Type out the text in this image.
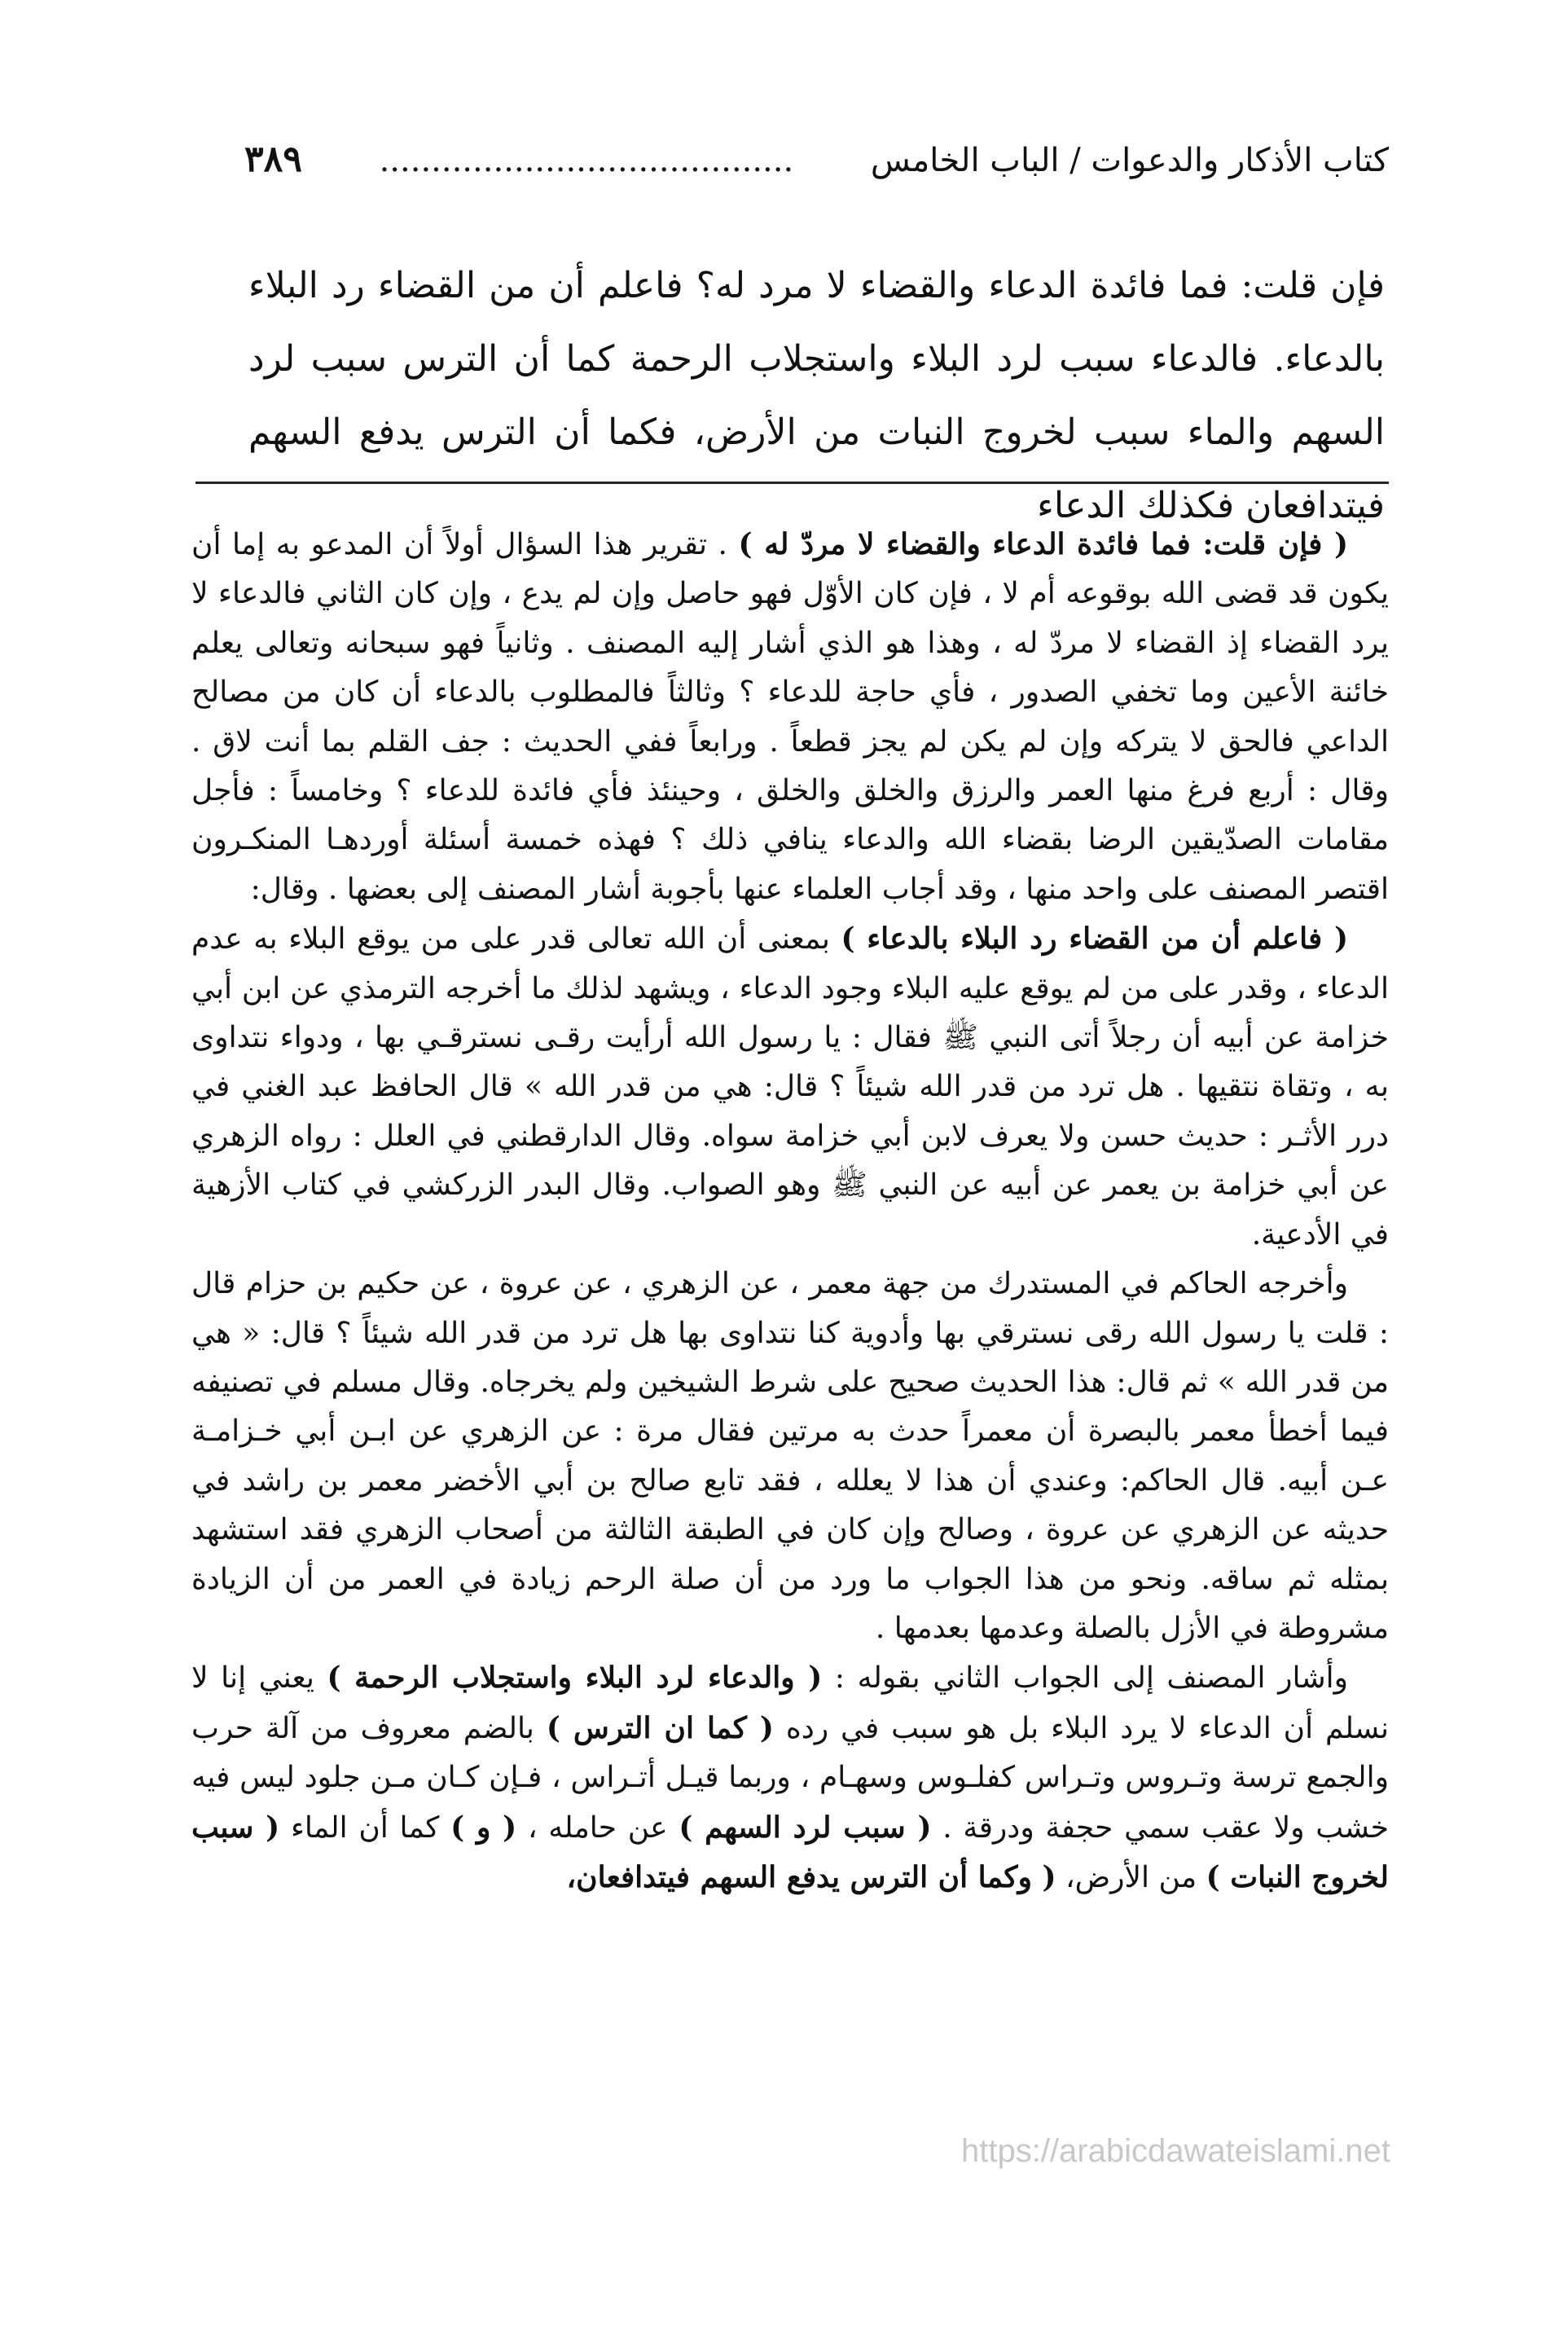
كتاب الأذكار والدعوات / الباب الخامس
........................................
٣٨٩
فإن قلت: فما فائدة الدعاء والقضاء لا مرد له؟ فاعلم أن من القضاء رد البلاء بالدعاء. فالدعاء سبب لرد البلاء واستجلاب الرحمة كما أن الترس سبب لرد السهم والماء سبب لخروج النبات من الأرض، فكما أن الترس يدفع السهم فيتدافعان فكذلك الدعاء

( فإن قلت: فما فائدة الدعاء والقضاء لا مردّ له ) . تقرير هذا السؤال أولاً أن المدعو به إما أن يكون قد قضى الله بوقوعه أم لا ، فإن كان الأوّل فهو حاصل وإن لم يدع ، وإن كان الثاني فالدعاء لا يرد القضاء إذ القضاء لا مردّ له ، وهذا هو الذي أشار إليه المصنف . وثانياً فهو سبحانه وتعالى يعلم خائنة الأعين وما تخفي الصدور ، فأي حاجة للدعاء ؟ وثالثاً فالمطلوب بالدعاء أن كان من مصالح الداعي فالحق لا يتركه وإن لم يكن لم يجز قطعاً . ورابعاً ففي الحديث : جف القلم بما أنت لاق . وقال : أربع فرغ منها العمر والرزق والخلق والخلق ، وحينئذ فأي فائدة للدعاء ؟ وخامساً : فأجل مقامات الصدّيقين الرضا بقضاء الله والدعاء ينافي ذلك ؟ فهذه خمسة أسئلة أوردهـا المنكـرون اقتصر المصنف على واحد منها ، وقد أجاب العلماء عنها بأجوبة أشار المصنف إلى بعضها . وقال:

( فاعلم أن من القضاء رد البلاء بالدعاء ) بمعنى أن الله تعالى قدر على من يوقع البلاء به عدم الدعاء ، وقدر على من لم يوقع عليه البلاء وجود الدعاء ، ويشهد لذلك ما أخرجه الترمذي عن ابن أبي خزامة عن أبيه أن رجلاً أتى النبي ﷺ فقال : يا رسول الله أرأيت رقـى نسترقـي بها ، ودواء نتداوى به ، وتقاة نتقيها . هل ترد من قدر الله شيئاً ؟ قال: هي من قدر الله » قال الحافظ عبد الغني في درر الأثـر : حديث حسن ولا يعرف لابن أبي خزامة سواه. وقال الدارقطني في العلل : رواه الزهري عن أبي خزامة بن يعمر عن أبيه عن النبي ﷺ وهو الصواب. وقال البدر الزركشي في كتاب الأزهية في الأدعية.

وأخرجه الحاكم في المستدرك من جهة معمر ، عن الزهري ، عن عروة ، عن حكيم بن حزام قال : قلت يا رسول الله رقى نسترقي بها وأدوية كنا نتداوى بها هل ترد من قدر الله شيئاً ؟ قال: « هي من قدر الله » ثم قال: هذا الحديث صحيح على شرط الشيخين ولم يخرجاه. وقال مسلم في تصنيفه فيما أخطأ معمر بالبصرة أن معمراً حدث به مرتين فقال مرة : عن الزهري عن ابـن أبي خـزامـة عـن أبيه. قال الحاكم: وعندي أن هذا لا يعلله ، فقد تابع صالح بن أبي الأخضر معمر بن راشد في حديثه عن الزهري عن عروة ، وصالح وإن كان في الطبقة الثالثة من أصحاب الزهري فقد استشهد بمثله ثم ساقه. ونحو من هذا الجواب ما ورد من أن صلة الرحم زيادة في العمر من أن الزيادة مشروطة في الأزل بالصلة وعدمها بعدمها .

وأشار المصنف إلى الجواب الثاني بقوله : ( والدعاء لرد البلاء واستجلاب الرحمة ) يعني إنا لا نسلم أن الدعاء لا يرد البلاء بل هو سبب في رده ( كما ان الترس ) بالضم معروف من آلة حرب والجمع ترسة وتـروس وتـراس كفلـوس وسهـام ، وربما قيـل أتـراس ، فـإن كـان مـن جلود ليس فيه خشب ولا عقب سمي حجفة ودرقة . ( سبب لرد السهم ) عن حامله ، ( و ) كما أن الماء ( سبب لخروج النبات ) من الأرض، ( وكما أن الترس يدفع السهم فيتدافعان،

https://arabicdawateislami.net
